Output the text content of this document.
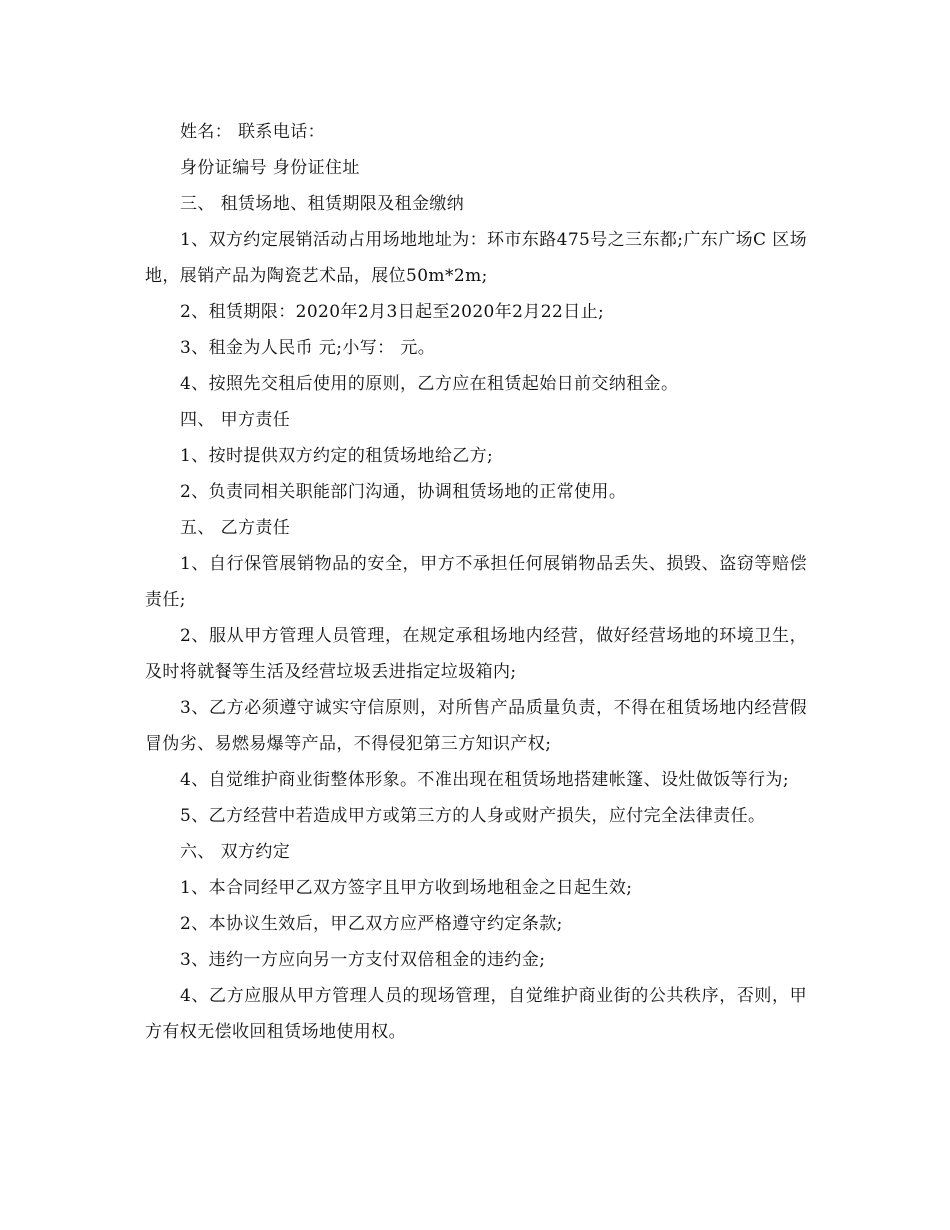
姓名： 联系电话：

身份证编号 身份证住址

三、 租赁场地、租赁期限及租金缴纳

1、双方约定展销活动占用场地地址为：环市东路475号之三东都;广东广场C 区场地，展销产品为陶瓷艺术品，展位50m*2m;

2、租赁期限：2020年2月3日起至2020年2月22日止;

3、租金为人民币 元;小写： 元。

4、按照先交租后使用的原则，乙方应在租赁起始日前交纳租金。

四、 甲方责任

1、按时提供双方约定的租赁场地给乙方;

2、负责同相关职能部门沟通，协调租赁场地的正常使用。

五、 乙方责任

1、自行保管展销物品的安全，甲方不承担任何展销物品丢失、损毁、盗窃等赔偿责任;

2、服从甲方管理人员管理，在规定承租场地内经营，做好经营场地的环境卫生，及时将就餐等生活及经营垃圾丢进指定垃圾箱内;

3、乙方必须遵守诚实守信原则，对所售产品质量负责，不得在租赁场地内经营假冒伪劣、易燃易爆等产品，不得侵犯第三方知识产权;

4、自觉维护商业街整体形象。不准出现在租赁场地搭建帐篷、设灶做饭等行为;

5、乙方经营中若造成甲方或第三方的人身或财产损失，应付完全法律责任。

六、 双方约定

1、本合同经甲乙双方签字且甲方收到场地租金之日起生效;

2、本协议生效后，甲乙双方应严格遵守约定条款;

3、违约一方应向另一方支付双倍租金的违约金;

4、乙方应服从甲方管理人员的现场管理，自觉维护商业街的公共秩序，否则，甲方有权无偿收回租赁场地使用权。
